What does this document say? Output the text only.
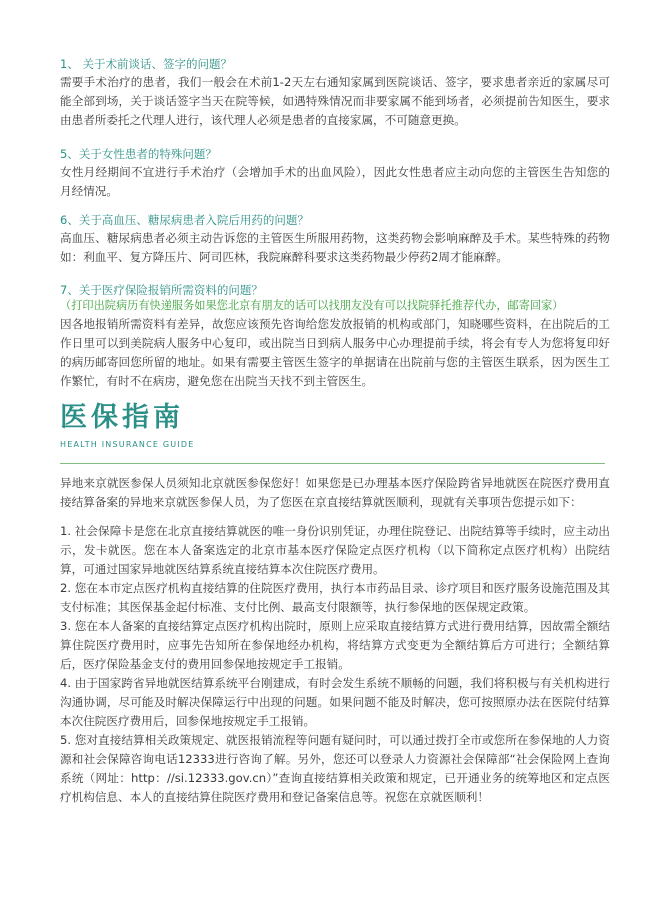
1、 关于术前谈话、签字的问题？
需要手术治疗的患者，我们一般会在术前1-2天左右通知家属到医院谈话、签字，要求患者亲近的家属尽可能全部到场，关于谈话签字当天在院等候，如遇特殊情况而非要家属不能到场者，必须提前告知医生，要求由患者所委托之代理人进行，该代理人必须是患者的直接家属，不可随意更换。
5、关于女性患者的特殊问题？
女性月经期间不宜进行手术治疗（会增加手术的出血风险），因此女性患者应主动向您的主管医生告知您的月经情况。
6、关于高血压、糖尿病患者入院后用药的问题？
高血压、糖尿病患者必须主动告诉您的主管医生所服用药物，这类药物会影响麻醉及手术。某些特殊的药物如：利血平、复方降压片、阿司匹林，我院麻醉科要求这类药物最少停药2周才能麻醉。
7、关于医疗保险报销所需资料的问题？
（打印出院病历有快递服务如果您北京有朋友的话可以找朋友没有可以找院驿托推荐代办，邮寄回家）
因各地报销所需资料有差异，故您应该预先咨询给您发放报销的机构或部门，知晓哪些资料，在出院后的工作日里可以到美院病人服务中心复印，或出院当日到病人服务中心办理提前手续，将会有专人为您将复印好的病历邮寄回您所留的地址。如果有需要主管医生签字的单据请在出院前与您的主管医生联系，因为医生工作繁忙，有时不在病房，避免您在出院当天找不到主管医生。
医保指南
HEALTH INSURANCE GUIDE
异地来京就医参保人员须知北京就医参保您好！如果您是已办理基本医疗保险跨省异地就医在院医疗费用直接结算备案的异地来京就医参保人员，为了您医在京直接结算就医顺利，现就有关事项告您提示如下：
1. 社会保障卡是您在北京直接结算就医的唯一身份识别凭证，办理住院登记、出院结算等手续时，应主动出示，发卡就医。您在本人备案选定的北京市基本医疗保险定点医疗机构（以下简称定点医疗机构）出院结算，可通过国家异地就医结算系统直接结算本次住院医疗费用。
2. 您在本市定点医疗机构直接结算的住院医疗费用，执行本市药品目录、诊疗项目和医疗服务设施范围及其支付标准；其医保基金起付标准、支付比例、最高支付限额等，执行参保地的医保规定政策。
3. 您在本人备案的直接结算定点医疗机构出院时，原则上应采取直接结算方式进行费用结算，因故需全额结算住院医疗费用时，应事先告知所在参保地经办机构，将结算方式变更为全额结算后方可进行；全额结算后，医疗保险基金支付的费用回参保地按规定手工报销。
4. 由于国家跨省异地就医结算系统平台刚建成，有时会发生系统不顺畅的问题，我们将积极与有关机构进行沟通协调，尽可能及时解决保障运行中出现的问题。如果问题不能及时解决，您可按照原办法在医院付结算本次住院医疗费用后，回参保地按规定手工报销。
5. 您对直接结算相关政策规定、就医报销流程等问题有疑问时，可以通过拨打全市或您所在参保地的人力资源和社会保障咨询电话12333进行咨询了解。另外，您还可以登录人力资源社会保障部“社会保险网上查询系统（网址：http：//si.12333.gov.cn）”查询直接结算相关政策和规定，已开通业务的统筹地区和定点医疗机构信息、本人的直接结算住院医疗费用和登记备案信息等。祝您在京就医顺利！
